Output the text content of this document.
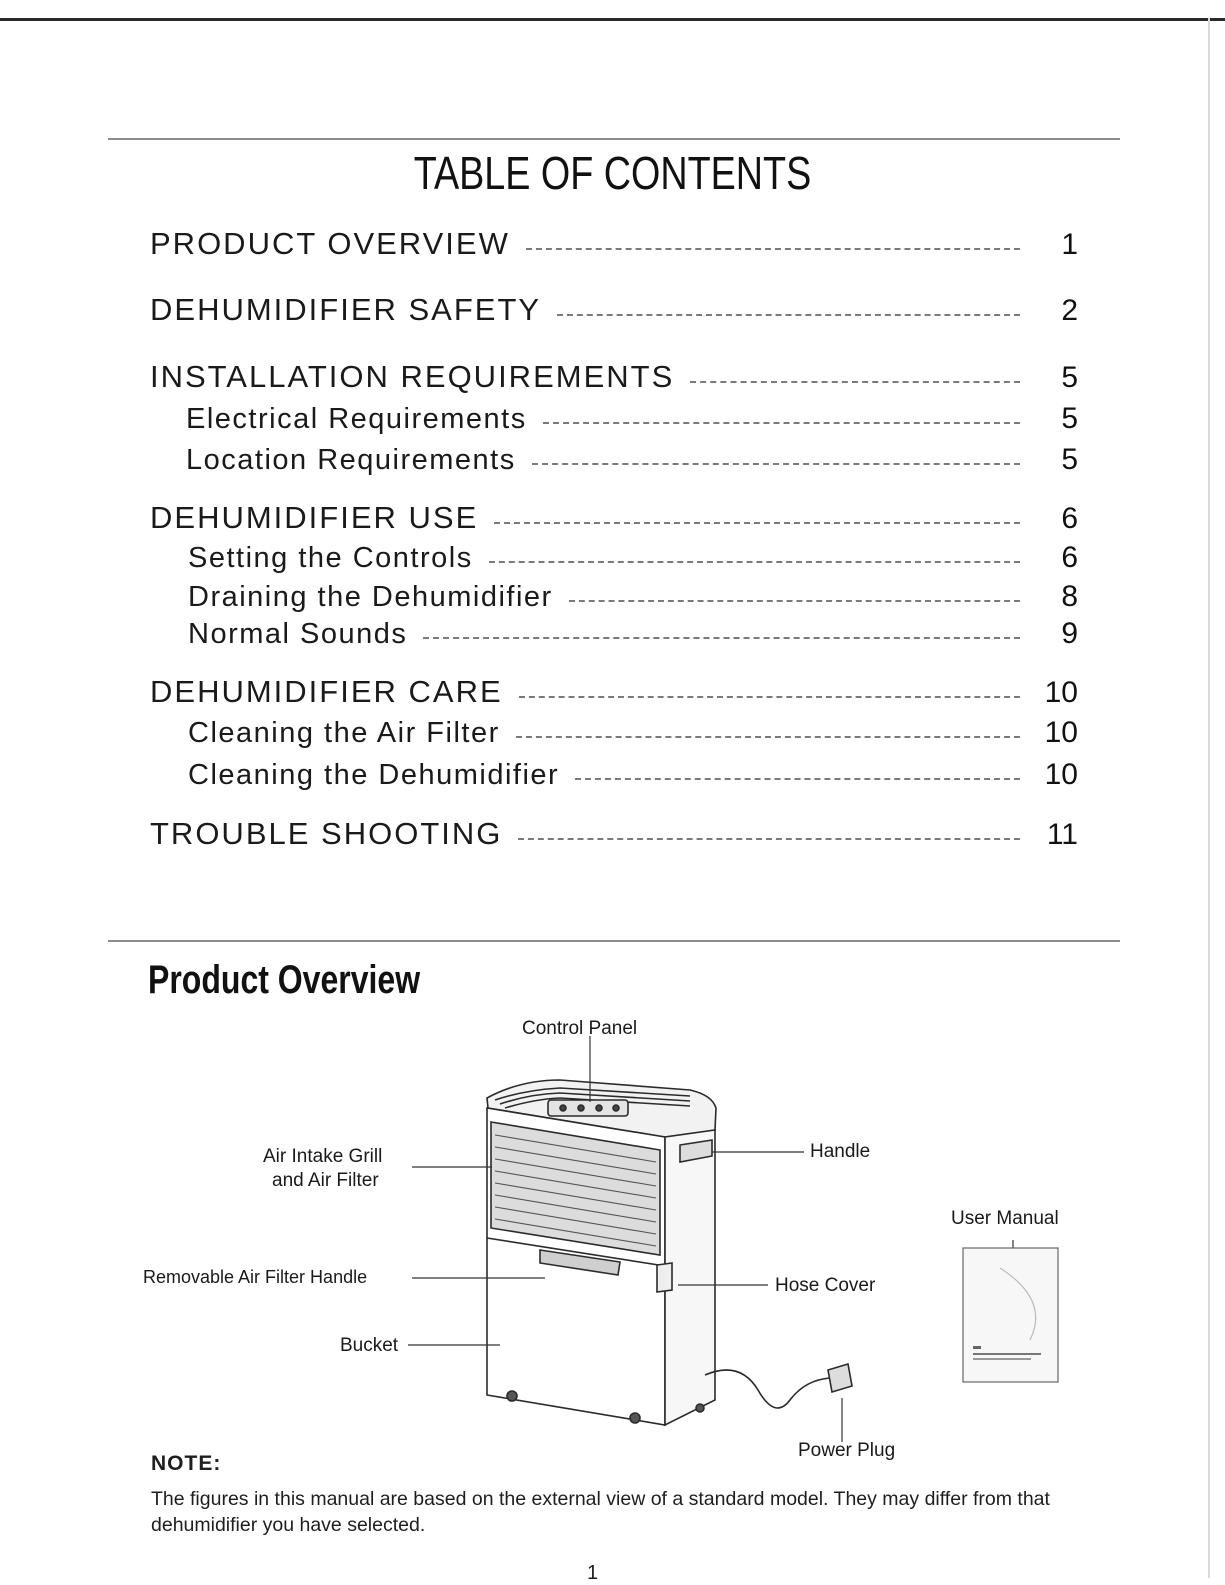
TABLE OF CONTENTS
PRODUCT OVERVIEW	1
DEHUMIDIFIER SAFETY	2
INSTALLATION REQUIREMENTS	5
Electrical Requirements	5
Location Requirements	5
DEHUMIDIFIER USE	6
Setting the Controls	6
Draining the Dehumidifier	8
Normal Sounds	9
DEHUMIDIFIER CARE	10
Cleaning the Air Filter	10
Cleaning the Dehumidifier	10
TROUBLE SHOOTING	11
Product Overview
Control Panel
Handle
Air Intake Grill
and Air Filter
Removable Air Filter Handle	Hose Cover
Bucket
Power Plug
User Manual
NOTE:
The figures in this manual are based on the external view of a standard model. They may differ from that dehumidifier you have selected.
1
